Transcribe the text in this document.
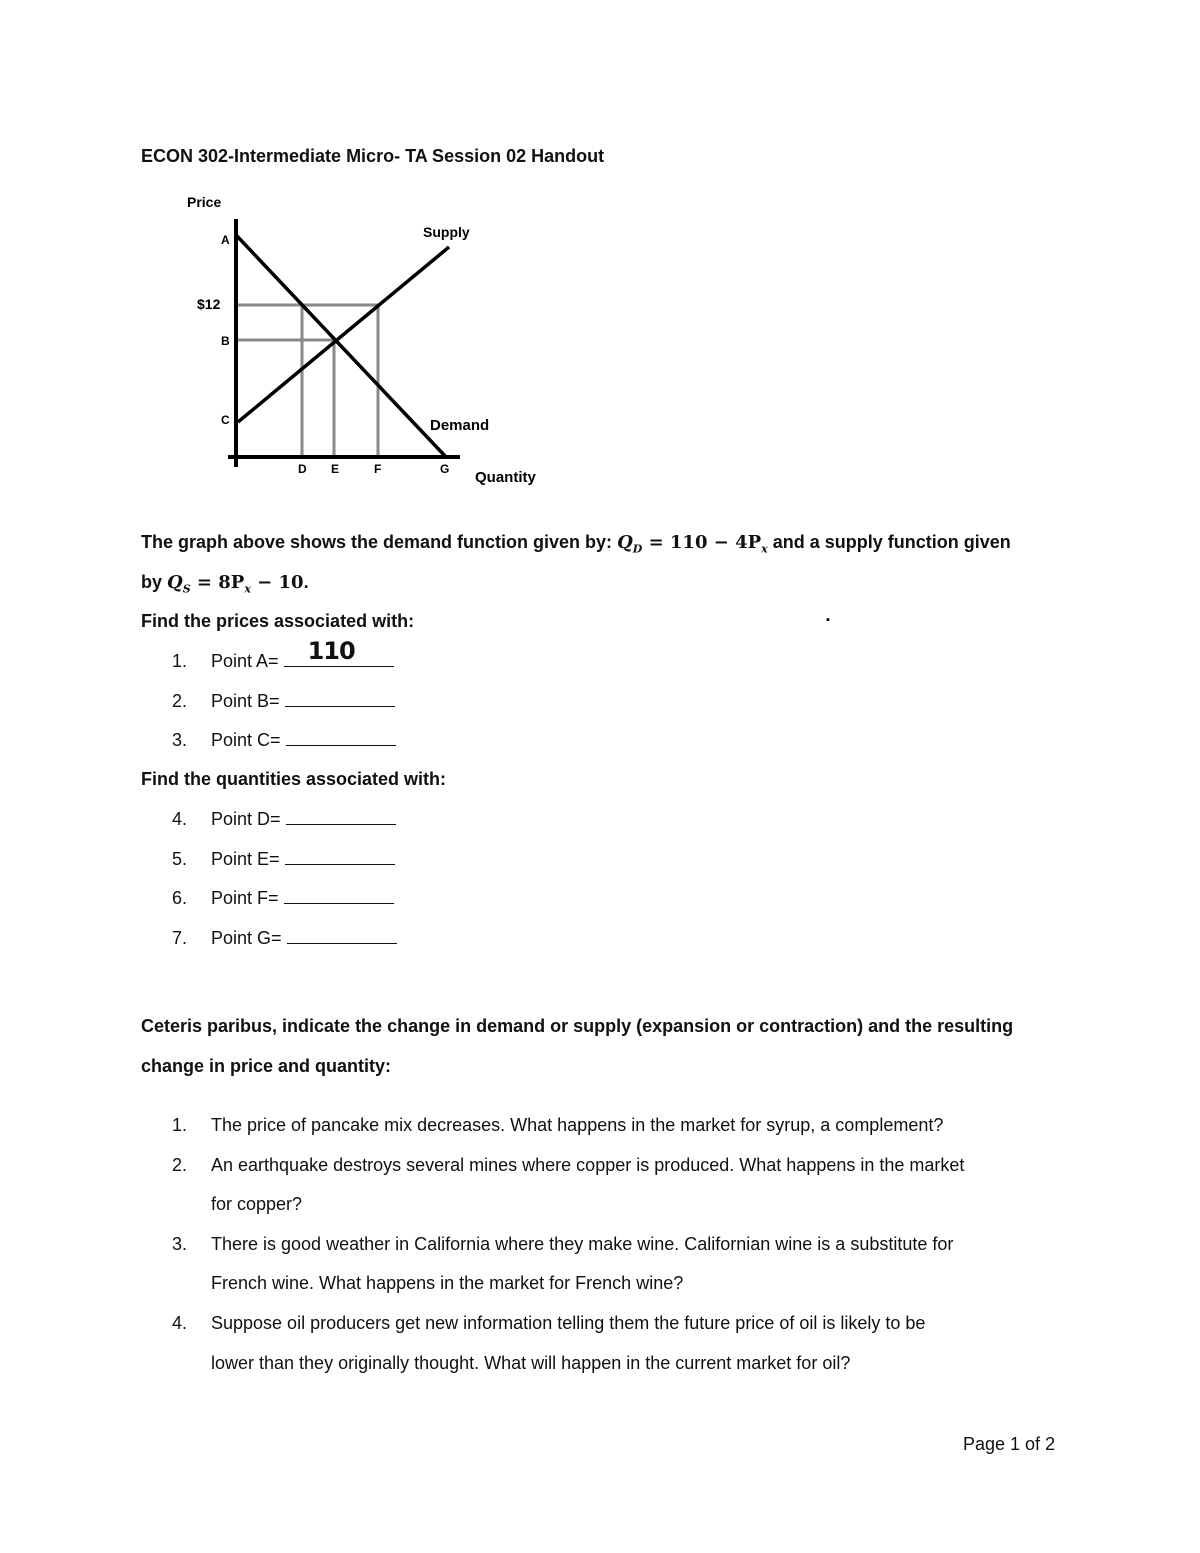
ECON 302-Intermediate Micro- TA Session 02 Handout
Price
Supply
Demand
A
$12
B
C
D E	F	G Quantity
The graph above shows the demand function given by: $Q_D = 110 - 4P_x$ and a supply function given
by $Q_S = 8P_x - 10$.
Find the prices associated with:	▪
1. Point A= 110
2. Point B=
3. Point C=
Find the quantities associated with:
4. Point D=
5. Point E=
6. Point F=
7. Point G=
Ceteris paribus, indicate the change in demand or supply (expansion or contraction) and the resulting
change in price and quantity:
1. The price of pancake mix decreases. What happens in the market for syrup, a complement?
2. An earthquake destroys several mines where copper is produced. What happens in the market
for copper?
3. There is good weather in California where they make wine. Californian wine is a substitute for
French wine. What happens in the market for French wine?
4. Suppose oil producers get new information telling them the future price of oil is likely to be
lower than they originally thought. What will happen in the current market for oil?
Page 1 of 2
